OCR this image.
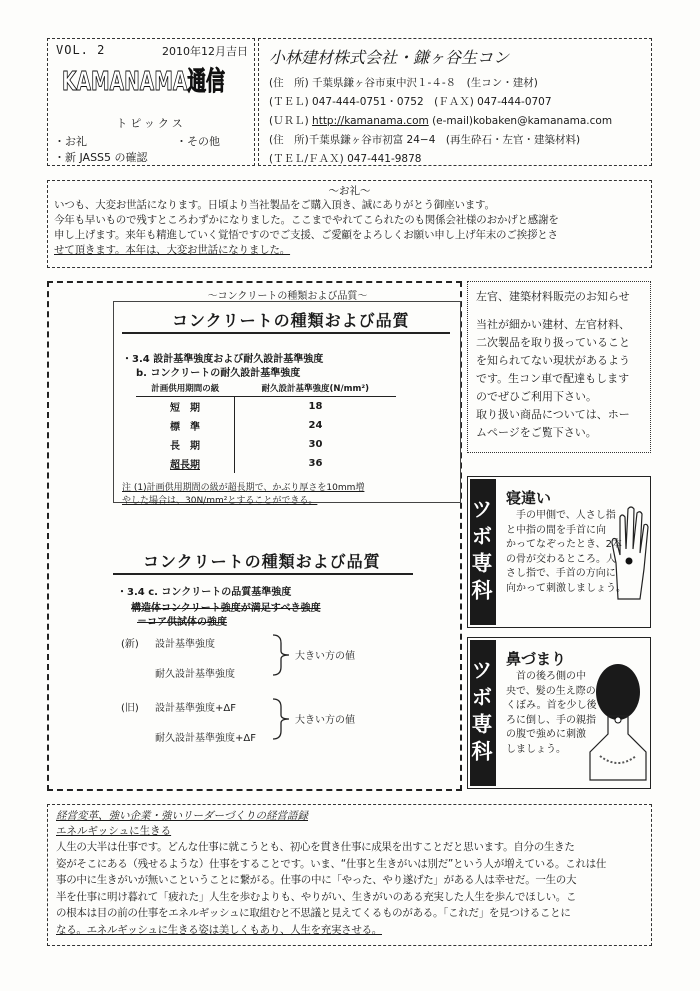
VOL. 2	2010年12月吉日
KAMANAMA通信
トピックス
・お礼	・その他
・新 JASS5 の確認
小林建材株式会社・鎌ヶ谷生コン
(住　所) 千葉県鎌ヶ谷市東中沢１-４-８　(生コン・建材)
(ＴＥＬ) 047‐444‐0751・0752　(ＦＡＸ) 047‐444‐0707
(ＵＲＬ) http://kamanama.com (e-mail)kobaken@kamanama.com
(住　所)千葉県鎌ヶ谷市初富 24−4　(再生砕石・左官・建築材料)
(ＴＥＬ/ＦＡＸ) 047‐441‐9878
～お礼～

いつも、大変お世話になります。日頃より当社製品をご購入頂き、誠にありがとう御座います。

今年も早いもので残すところわずかになりました。ここまでやれてこられたのも関係会社様のおかげと感謝を

申し上げます。来年も精進していく覚悟ですのでご支援、ご愛顧をよろしくお願い申し上げ年末のご挨拶とさ

せて頂きます。本年は、大変お世話になりました。

～コンクリートの種類および品質～
コンクリートの種類および品質
・3.4 設計基準強度および耐久設計基準強度
b. コンクリートの耐久設計基準強度
計画供用期間の級	耐久設計基準強度(N/mm²)
短　期	18
標　準	24
長　期	30
超長期	36
注 (1)計画供用期間の級が超長期で、かぶり厚さを10mm増
やした場合は、30N/mm²とすることができる。
コンクリートの種類および品質
・3.4 c. コンクリートの品質基準強度
構造体コンクリート強度が満足すべき強度
＝コア供試体の強度
(新) 設計基準強度
耐久設計基準強度
大きい方の値
(旧) 設計基準強度+ΔF
耐久設計基準強度+ΔF
大きい方の値
左官、建築材料販売のお知らせ

当社が細かい建材、左官材料、

二次製品を取り扱っていること

を知られてない現状があるよう

です。生コン車で配達もします

のでぜひご利用下さい。

取り扱い商品については、ホー

ムページをご覧下さい。

ツボ専科 寝違い
　手の甲側で、人さし指
と中指の間を手首に向
かってなぞったとき、2本
の骨が交わるところ。人
さし指で、手首の方向に
向かって刺激しましょう。
ツボ専科 鼻づまり
　首の後ろ側の中
央で、髪の生え際の
くぼみ。首を少し後
ろに倒し、手の親指
の腹で強めに刺激
しましょう。
経営変革、強い企業・強いリーダーづくりの経営語録
エネルギッシュに生きる

人生の大半は仕事です。どんな仕事に就こうとも、初心を貫き仕事に成果を出すことだと思います。自分の生きた

姿がそこにある（残せるような）仕事をすることです。いま、“仕事と生きがいは別だ”という人が増えている。これは仕

事の中に生きがいが無いこということに繋がる。仕事の中に「やった、やり遂げた」がある人は幸せだ。一生の大

半を仕事に明け暮れて「疲れた」人生を歩むよりも、やりがい、生きがいのある充実した人生を歩んでほしい。こ

の根本は目の前の仕事をエネルギッシュに取組むと不思議と見えてくるものがある。「これだ」を見つけることに

なる。エネルギッシュに生きる姿は美しくもあり、人生を充実させる。
